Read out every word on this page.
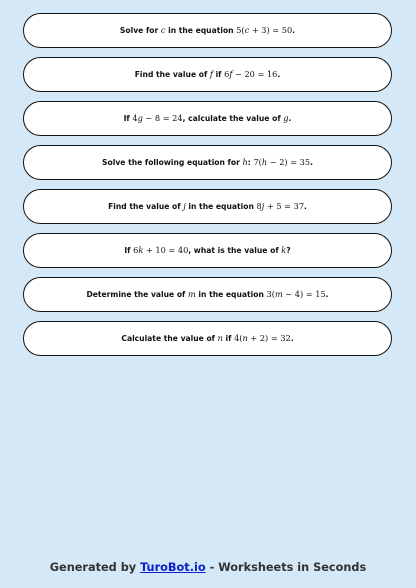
Solve for c in the equation 5(c + 3) = 50.
Find the value of f if 6f − 20 = 16.
If 4g − 8 = 24, calculate the value of g.
Solve the following equation for h: 7(h − 2) = 35.
Find the value of j in the equation 8j + 5 = 37.
If 6k + 10 = 40, what is the value of k?
Determine the value of m in the equation 3(m − 4) = 15.
Calculate the value of n if 4(n + 2) = 32.
Generated by TuroBot.io - Worksheets in Seconds
